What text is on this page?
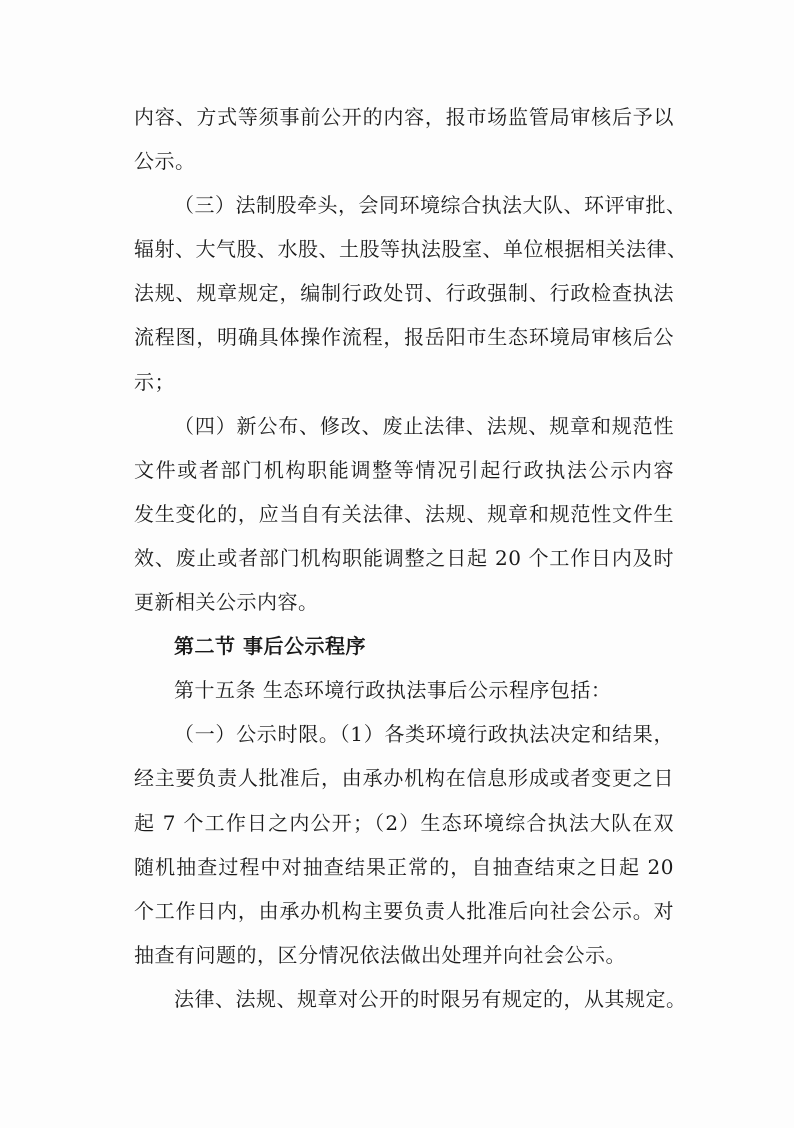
内容、方式等须事前公开的内容，报市场监管局审核后予以
公示。
（三）法制股牵头，会同环境综合执法大队、环评审批、
辐射、大气股、水股、土股等执法股室、单位根据相关法律、
法规、规章规定，编制行政处罚、行政强制、行政检查执法
流程图，明确具体操作流程，报岳阳市生态环境局审核后公
示；
（四）新公布、修改、废止法律、法规、规章和规范性
文件或者部门机构职能调整等情况引起行政执法公示内容
发生变化的，应当自有关法律、法规、规章和规范性文件生
效、废止或者部门机构职能调整之日起 20 个工作日内及时
更新相关公示内容。
第二节 事后公示程序
第十五条 生态环境行政执法事后公示程序包括：
（一）公示时限。（1）各类环境行政执法决定和结果，
经主要负责人批准后，由承办机构在信息形成或者变更之日
起 7 个工作日之内公开；（2）生态环境综合执法大队在双
随机抽查过程中对抽查结果正常的，自抽查结束之日起 20
个工作日内，由承办机构主要负责人批准后向社会公示。对
抽查有问题的，区分情况依法做出处理并向社会公示。
法律、法规、规章对公开的时限另有规定的，从其规定。
